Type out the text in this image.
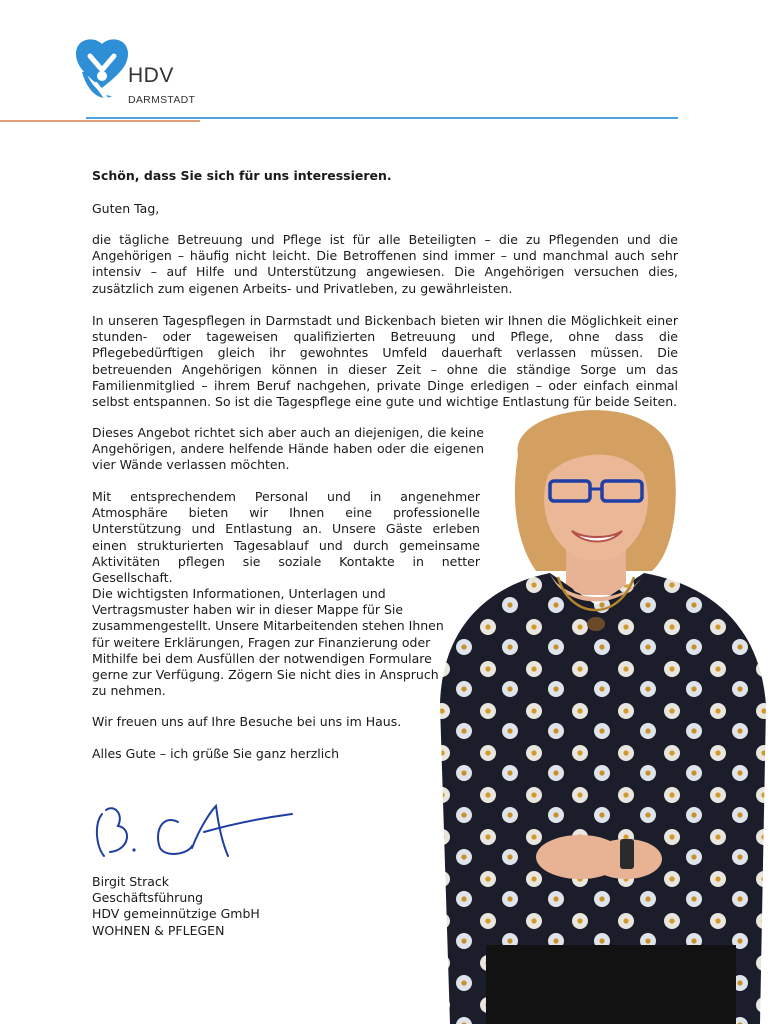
HDV
DARMSTADT
Schön, dass Sie sich für uns interessieren.
Guten Tag,
die tägliche Betreuung und Pflege ist für alle Beteiligten – die zu Pflegenden und die Angehörigen – häufig nicht leicht. Die Betroffenen sind immer – und manchmal auch sehr intensiv – auf Hilfe und Unterstützung angewiesen. Die Angehörigen versuchen dies, zusätzlich zum eigenen Arbeits- und Privatleben, zu gewährleisten.
In unseren Tagespflegen in Darmstadt und Bickenbach bieten wir Ihnen die Möglichkeit einer stunden- oder tageweisen qualifizierten Betreuung und Pflege, ohne dass die Pflegebedürftigen gleich ihr gewohntes Umfeld dauerhaft verlassen müssen. Die betreuenden Angehörigen können in dieser Zeit – ohne die ständige Sorge um das Familienmitglied – ihrem Beruf nachgehen, private Dinge erledigen – oder einfach einmal selbst entspannen. So ist die Tagespflege eine gute und wichtige Entlastung für beide Seiten.
Dieses Angebot richtet sich aber auch an diejenigen, die keine Angehörigen, andere helfende Hände haben oder die eigenen vier Wände verlassen möchten.
Mit entsprechendem Personal und in angenehmer Atmosphäre bieten wir Ihnen eine professionelle Unterstützung und Entlastung an. Unsere Gäste erleben einen strukturierten Tagesablauf und durch gemeinsame Aktivitäten pflegen sie soziale Kontakte in netter Gesellschaft.
Die wichtigsten Informationen, Unterlagen und Vertragsmuster haben wir in dieser Mappe für Sie zusammengestellt. Unsere Mitarbeitenden stehen Ihnen für weitere Erklärungen, Fragen zur Finanzierung oder Mithilfe bei dem Ausfüllen der notwendigen Formulare gerne zur Verfügung. Zögern Sie nicht dies in Anspruch zu nehmen.
Wir freuen uns auf Ihre Besuche bei uns im Haus.
Alles Gute – ich grüße Sie ganz herzlich
Birgit Strack
Geschäftsführung
HDV gemeinnützige GmbH
WOHNEN & PFLEGEN
